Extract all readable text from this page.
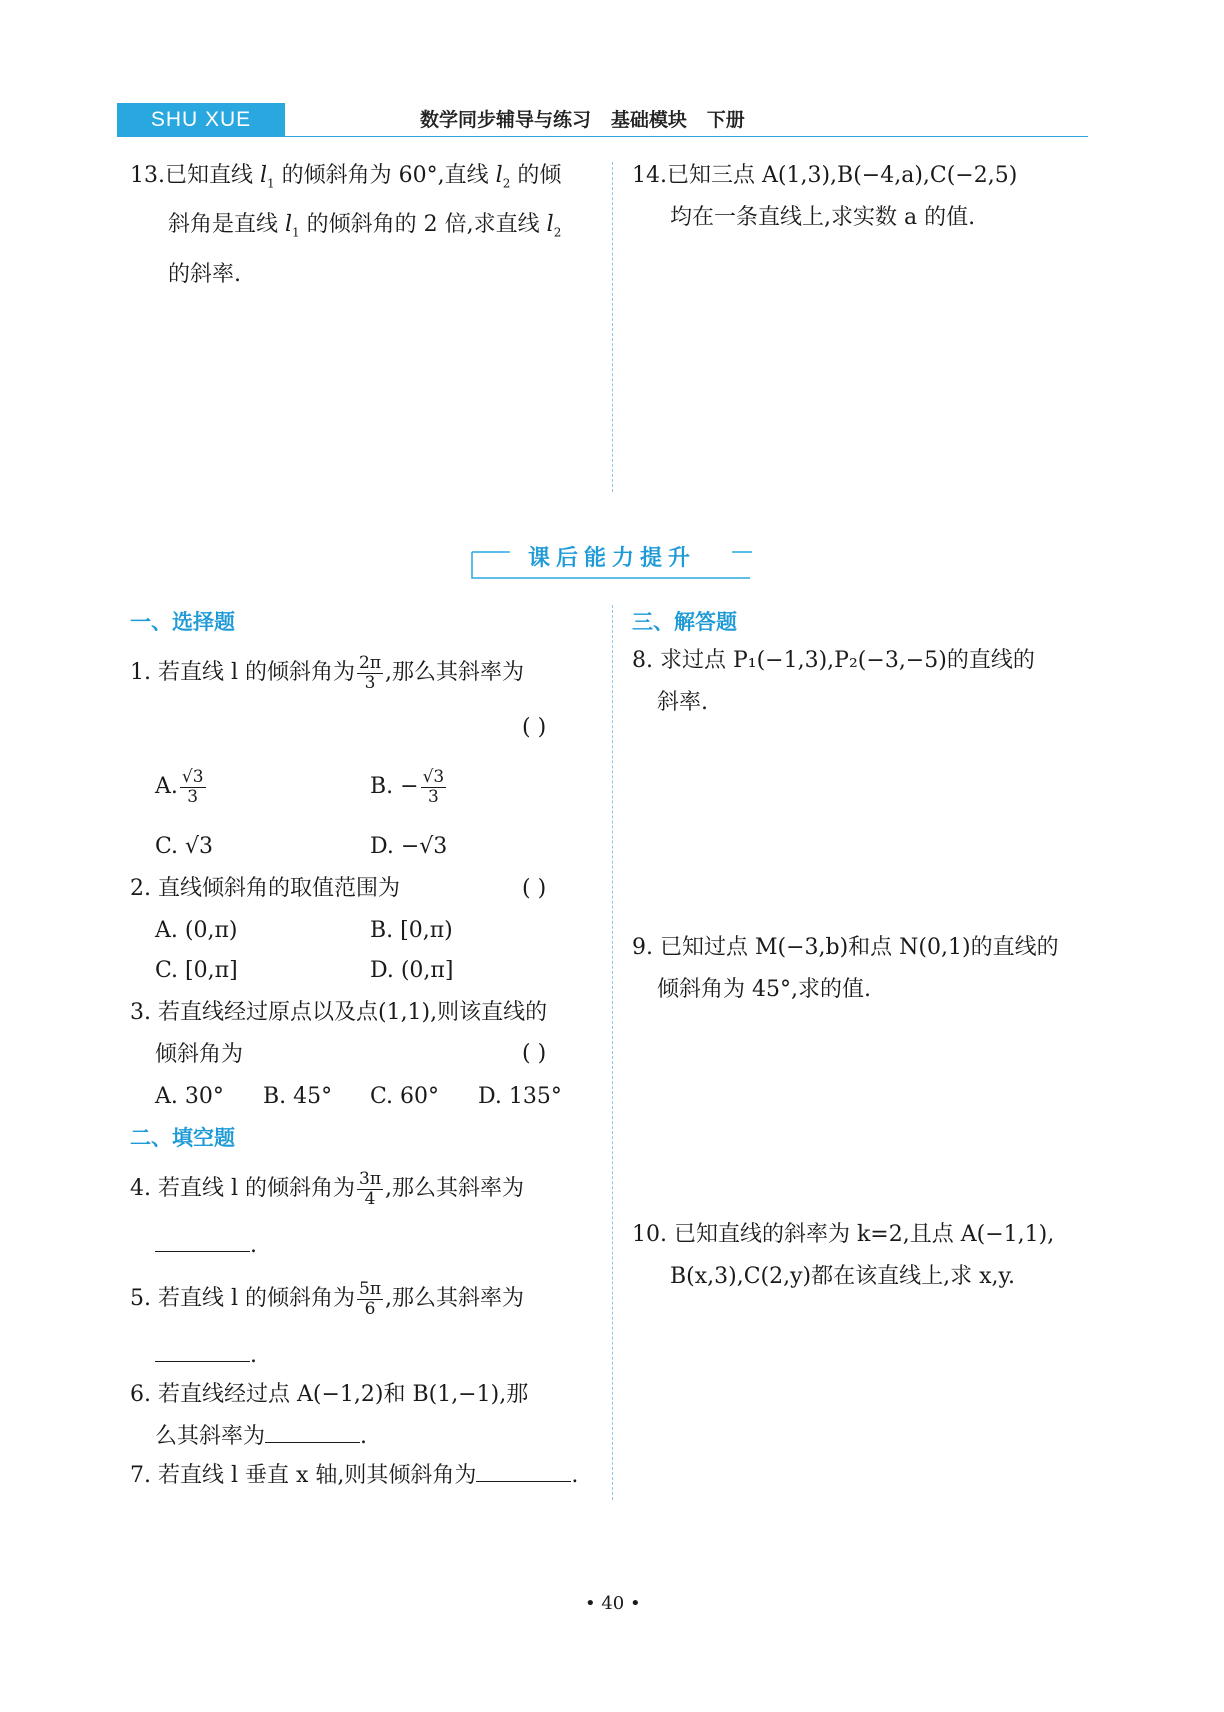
SHU XUE	数学同步辅导与练习   基础模块   下册
13.已知直线 $l_1$ 的倾斜角为 60°,直线 $l_2$ 的倾
斜角是直线 $l_1$ 的倾斜角的 2 倍,求直线 $l_2$
的斜率.
14.已知三点 A(1,3),B(−4,a),C(−2,5)
均在一条直线上,求实数 a 的值.
课后能力提升
一、选择题
1. 若直线 l 的倾斜角为 $\frac{2\pi}{3}$ ,那么其斜率为
( )
A. $\frac{√3}{3}$	B. − $\frac{√3}{3}$
C. √3	D. −√3
2. 直线倾斜角的取值范围为	( )
A. (0,π)	B. [0,π)
C. [0,π]	D. (0,π]
3. 若直线经过原点以及点(1,1),则该直线的
倾斜角为	( )
A. 30° B. 45° C. 60° D. 135°
二、填空题
4. 若直线 l 的倾斜角为 $\frac{3\pi}{4}$ ,那么其斜率为
.
5. 若直线 l 的倾斜角为 $\frac{5\pi}{6}$ ,那么其斜率为
.
6. 若直线经过点 A(−1,2)和 B(1,−1),那
么其斜率为	.
7. 若直线 l 垂直 x 轴,则其倾斜角为	.
三、解答题
8. 求过点 P₁(−1,3),P₂(−3,−5)的直线的
斜率.
9. 已知过点 M(−3,b)和点 N(0,1)的直线的
倾斜角为 45°,求的值.
10. 已知直线的斜率为 k=2,且点 A(−1,1),
B(x,3),C(2,y)都在该直线上,求 x,y.
• 40 •
